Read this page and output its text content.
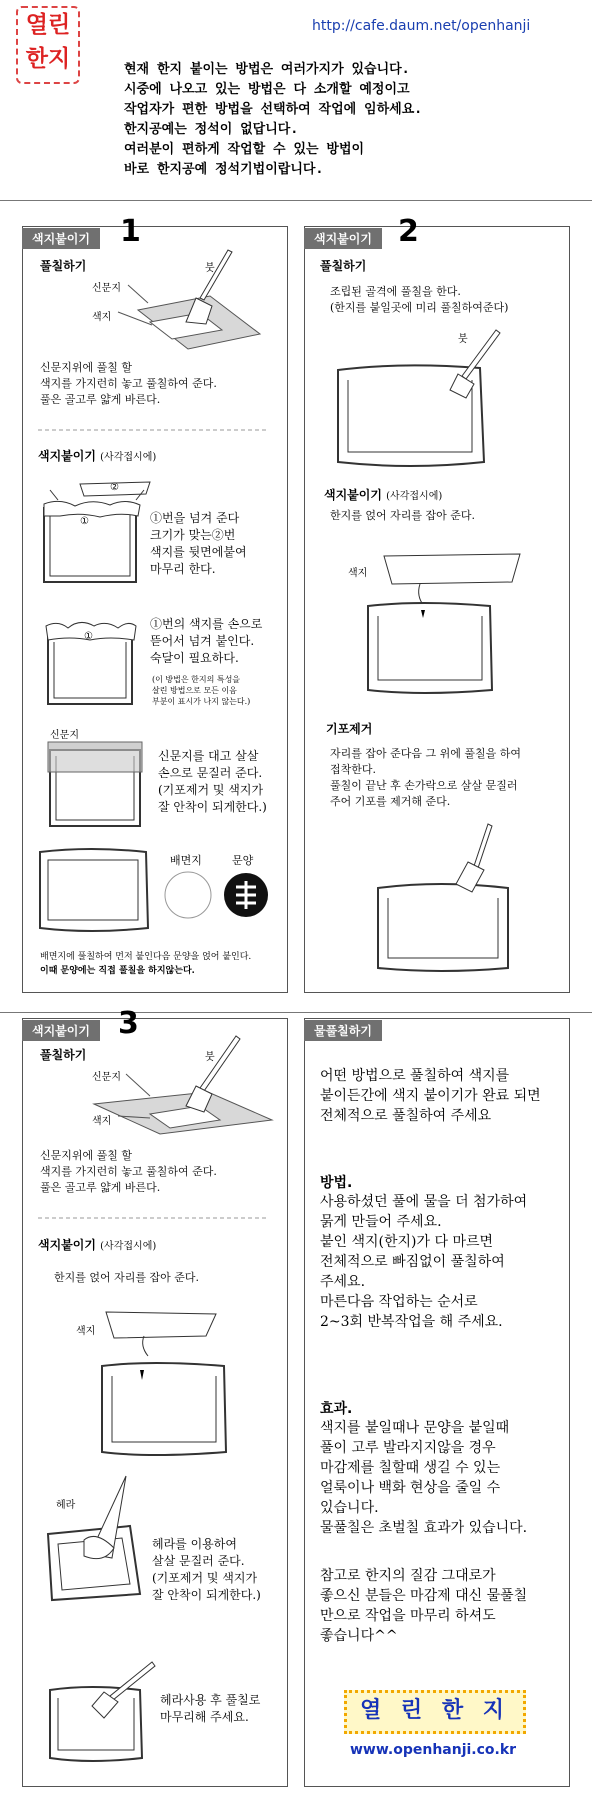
열린
한지
http://cafe.daum.net/openhanji
현재 한지 붙이는 방법은 여러가지가 있습니다.
시중에 나오고 있는 방법은 다 소개할 예정이고
작업자가 편한 방법을 선택하여 작업에 임하세요.
한지공예는 정석이 없답니다.
여러분이 편하게 작업할 수 있는 방법이
바로 한지공예 정석기법이랍니다.
색지붙이기	1
풀칠하기	붓
신문지
색지
신문지위에 풀칠 할
색지를 가지런히 놓고 풀칠하여 준다.
풀은 골고루 얇게 바른다.
색지붙이기 (사각접시에)
②
①	①번을 넘겨 준다
크기가 맞는②번
색지를 뒷면에붙여
마무리 한다.
①
①번의 색지를 손으로
뜯어서 넘겨 붙인다.
숙달이 필요하다.
(이 방법은 한지의 특성을
살린 방법으로 모든 이음
부분이 표시가 나지 않는다.)
신문지
신문지를 대고 살살
손으로 문질러 준다.
(기포제거 및 색지가
잘 안착이 되게한다.)
배면지	문양
배면지에 풀칠하여 먼저 붙인다음 문양을 얹어 붙인다.
이때 문양에는 직접 풀칠을 하지않는다.
색지붙이기 2
풀칠하기
조립된 골격에 풀칠을 한다.
(한지를 붙일곳에 미리 풀칠하여준다)
붓
색지붙이기 (사각접시에)
한지를 얹어 자리를 잡아 준다.
색지
기포제거
자리를 잡아 준다음 그 위에 풀칠을 하여
접착한다.
풀칠이 끝난 후 손가락으로 살살 문질러
주어 기포를 제거해 준다.
색지붙이기 3
풀칠하기	붓
신문지
색지
신문지위에 풀칠 할
색지를 가지런히 놓고 풀칠하여 준다.
풀은 골고루 얇게 바른다.
색지붙이기 (사각접시에)
한지를 얹어 자리를 잡아 준다.
색지
헤라
헤라를 이용하여
살살 문질러 준다.
(기포제거 및 색지가
잘 안착이 되게한다.)
헤라사용 후 풀칠로
마무리해 주세요.
물풀칠하기
어떤 방법으로 풀칠하여 색지를
붙이든간에 색지 붙이기가 완료 되면
전체적으로 풀칠하여 주세요
방법.
사용하셨던 풀에 물을 더 첨가하여
묽게 만들어 주세요.
붙인 색지(한지)가 다 마르면
전체적으로 빠짐없이 풀칠하여
주세요.
마른다음 작업하는 순서로
2~3회 반복작업을 해 주세요.
효과.
색지를 붙일때나 문양을 붙일때
풀이 고루 발라지지않을 경우
마감제를 칠할때 생길 수 있는
얼룩이나 백화 현상을 줄일 수
있습니다.
물풀칠은 초벌칠 효과가 있습니다.
참고로 한지의 질감 그대로가
좋으신 분들은 마감제 대신 물풀칠
만으로 작업을 마무리 하셔도
좋습니다^^
열 린 한 지
www.openhanji.co.kr
